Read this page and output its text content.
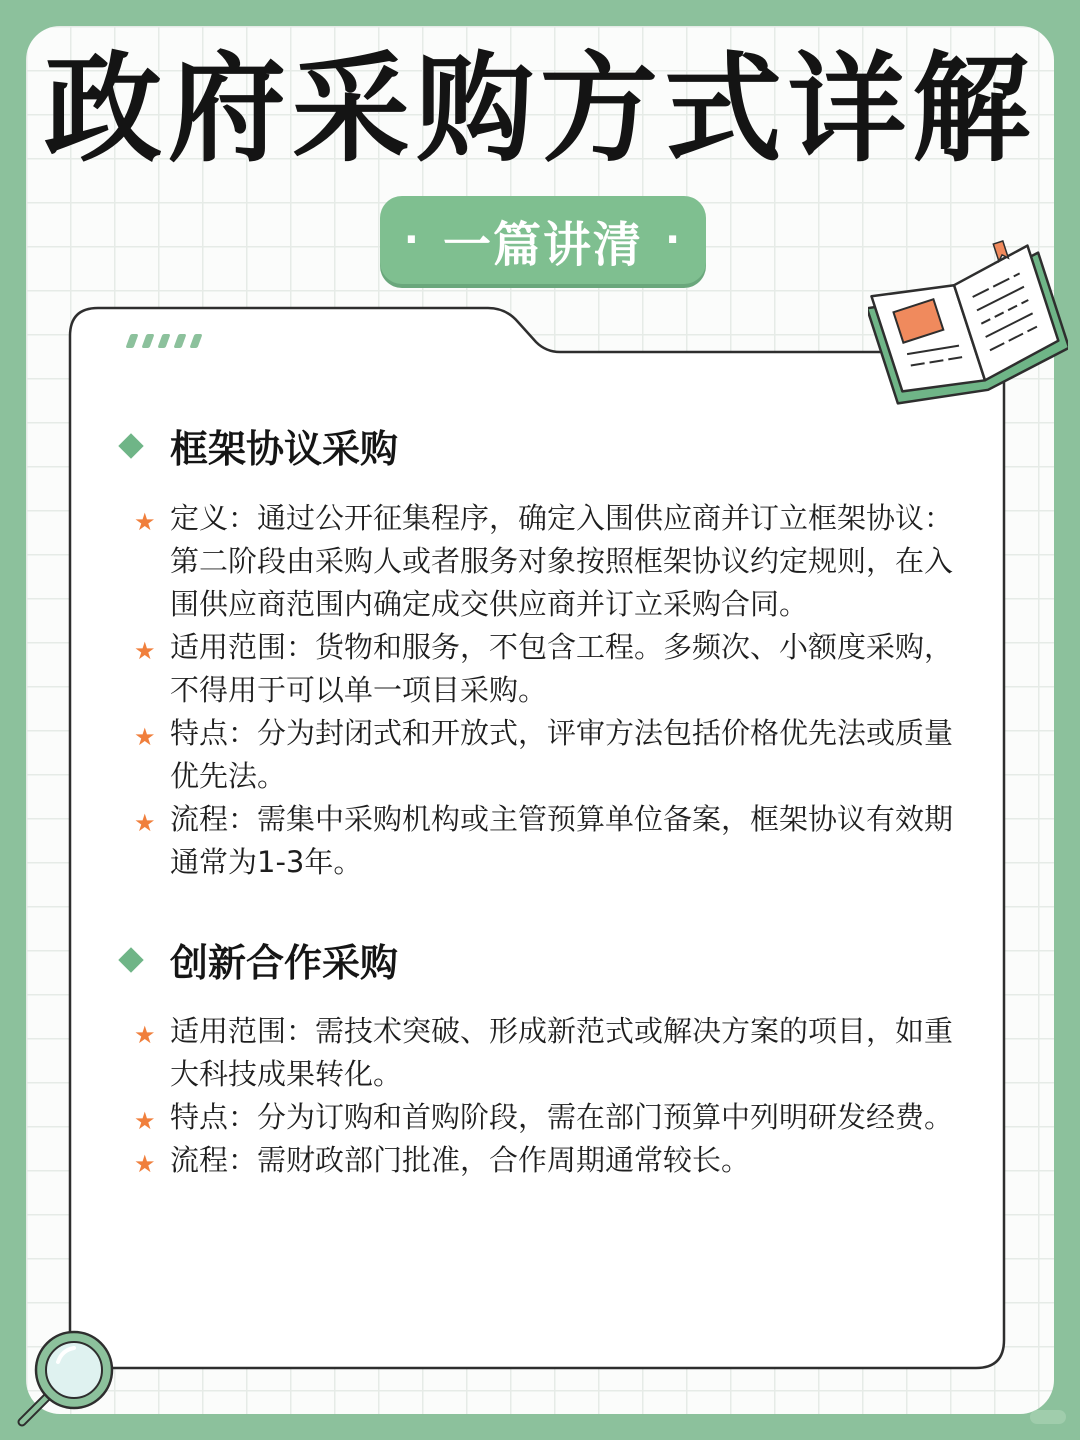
政府采购方式详解
· 一篇讲清 ·
框架协议采购
★ 定义：通过公开征集程序，确定入围供应商并订立框架协议：第二阶段由采购人或者服务对象按照框架协议约定规则，在入围供应商范围内确定成交供应商并订立采购合同。
★ 适用范围：货物和服务，不包含工程。多频次、小额度采购，不得用于可以单一项目采购。
★ 特点：分为封闭式和开放式，评审方法包括价格优先法或质量优先法。
★ 流程：需集中采购机构或主管预算单位备案，框架协议有效期通常为1-3年。
创新合作采购
★ 适用范围：需技术突破、形成新范式或解决方案的项目，如重大科技成果转化。
★ 特点：分为订购和首购阶段，需在部门预算中列明研发经费。
★ 流程：需财政部门批准，合作周期通常较长。
